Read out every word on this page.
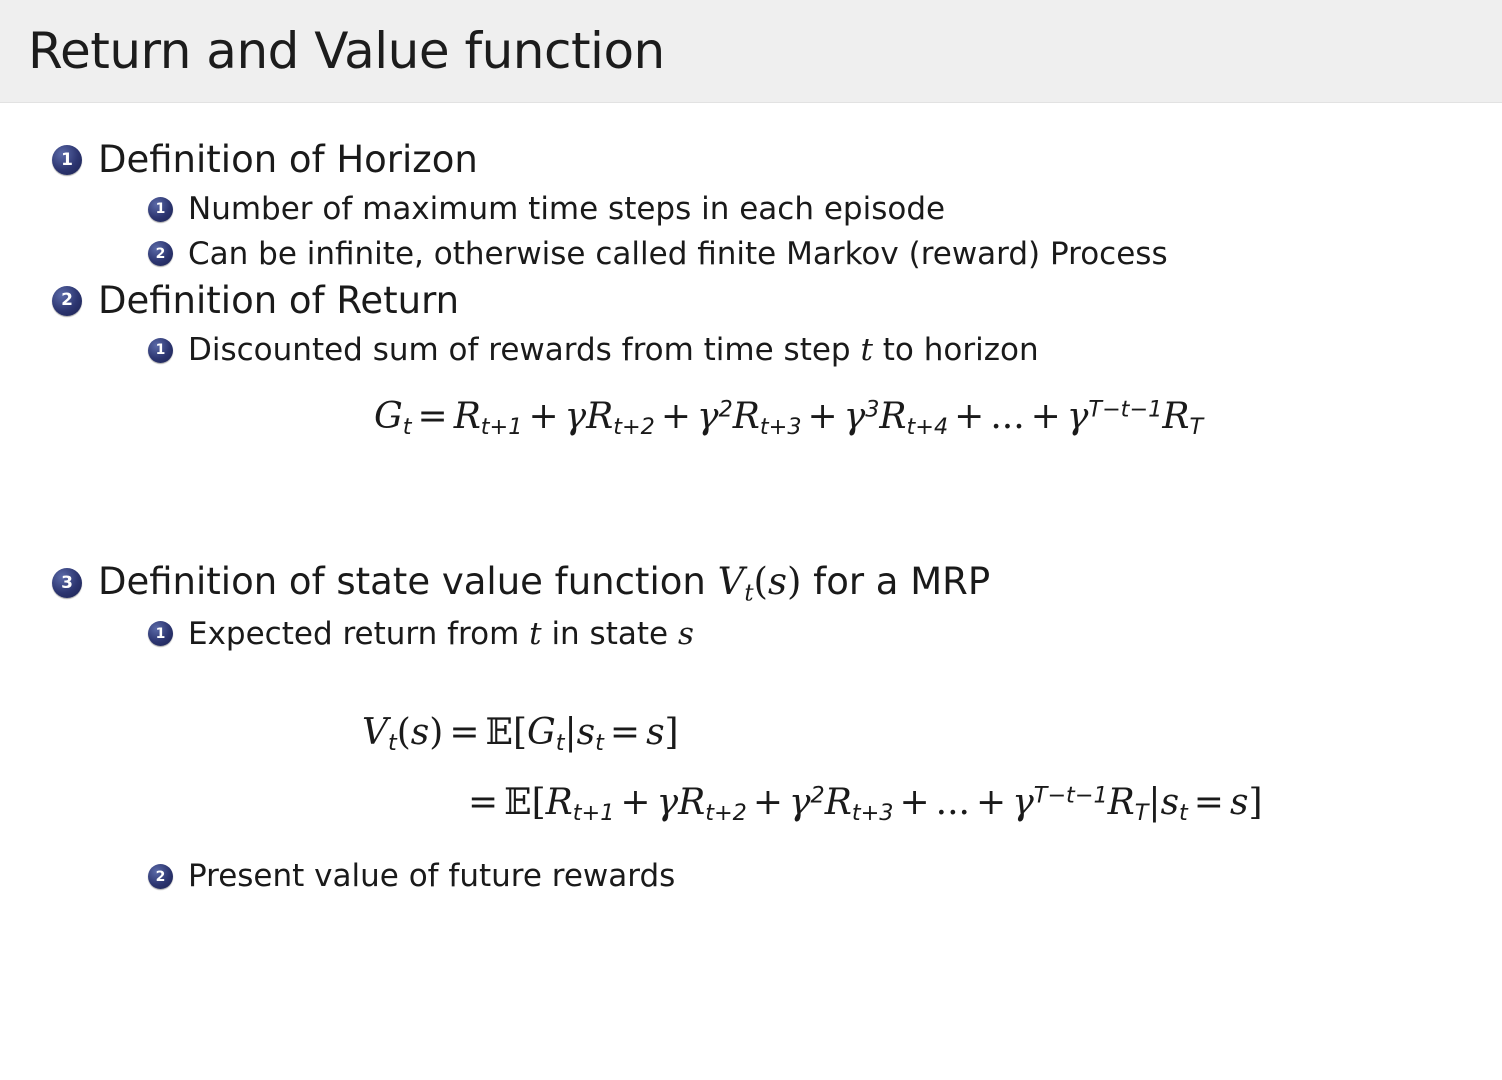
Return and Value function
1 Definition of Horizon
1 Number of maximum time steps in each episode
2 Can be infinite, otherwise called finite Markov (reward) Process
2 Definition of Return
1 Discounted sum of rewards from time step t to horizon
$G_t = R_{t+1} + \gamma R_{t+2} + \gamma^2R_{t+3} + \gamma^3R_{t+4}$ + ... + $\gamma^{T-t-1}R_T$
3 Definition of state value function $V_t(s)$ for a MRP
1 Expected return from t in state s
$V_t(s)$ = $𝔼[G_t|s_t = s]$
= $𝔼[R_{t+1} + \gamma R_{t+2} + \gamma^2R_{t+3}$ + ... + $\gamma^{T-t-1}R_T|s_t = s$]
2 Present value of future rewards
